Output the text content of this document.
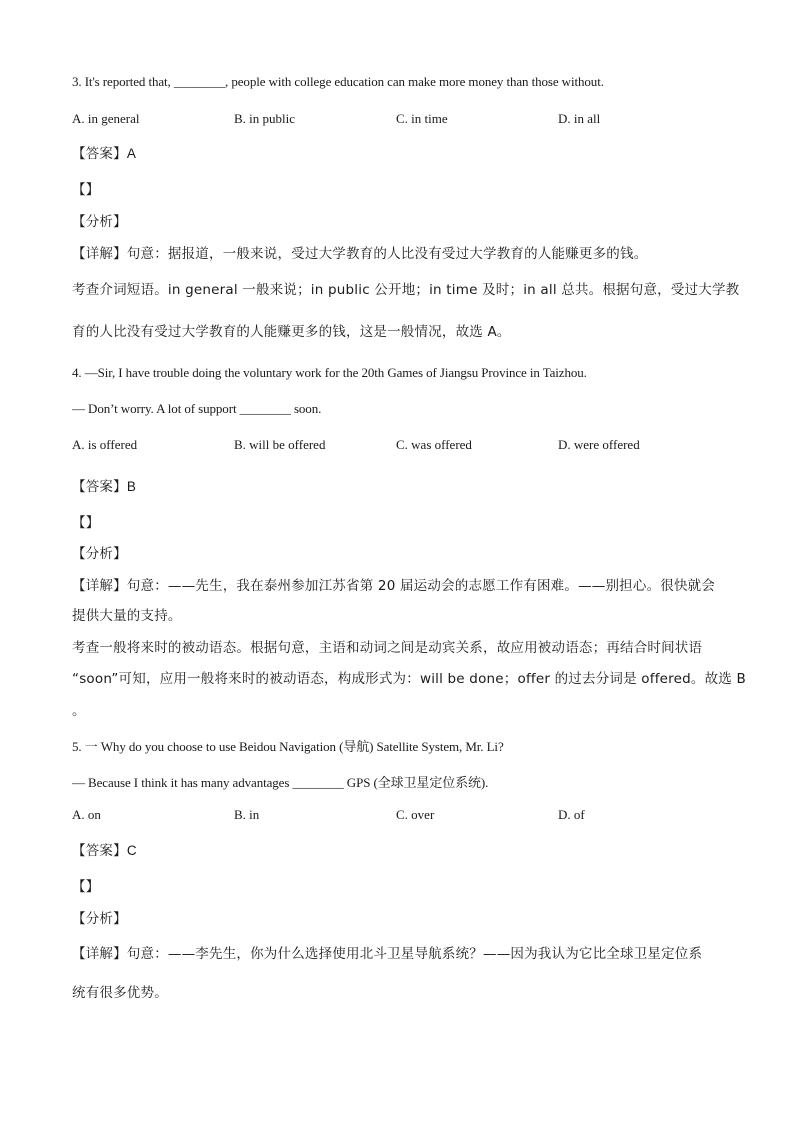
3. It's reported that, ________, people with college education can make more money than those without.
A. in general	B. in public	C. in time	D. in all
【答案】A
【】
【分析】
【详解】句意：据报道，一般来说，受过大学教育的人比没有受过大学教育的人能赚更多的钱。
考查介词短语。in general 一般来说；in public 公开地；in time 及时；in all 总共。根据句意，受过大学教
育的人比没有受过大学教育的人能赚更多的钱，这是一般情况，故选 A。
4. —Sir, I have trouble doing the voluntary work for the 20th Games of Jiangsu Province in Taizhou.
— Don’t worry. A lot of support ________ soon.
A. is offered	B. will be offered	C. was offered	D. were offered
【答案】B
【】
【分析】
【详解】句意：——先生，我在泰州参加江苏省第 20 届运动会的志愿工作有困难。——别担心。很快就会
提供大量的支持。
考查一般将来时的被动语态。根据句意，主语和动词之间是动宾关系，故应用被动语态；再结合时间状语
“soon”可知，应用一般将来时的被动语态，构成形式为：will be done；offer 的过去分词是 offered。故选 B
。
5. 一 Why do you choose to use Beidou Navigation (导航) Satellite System, Mr. Li?
— Because I think it has many advantages ________ GPS (全球卫星定位系统).
A. on	B. in	C. over	D. of
【答案】C
【】
【分析】
【详解】句意：——李先生，你为什么选择使用北斗卫星导航系统？——因为我认为它比全球卫星定位系
统有很多优势。
